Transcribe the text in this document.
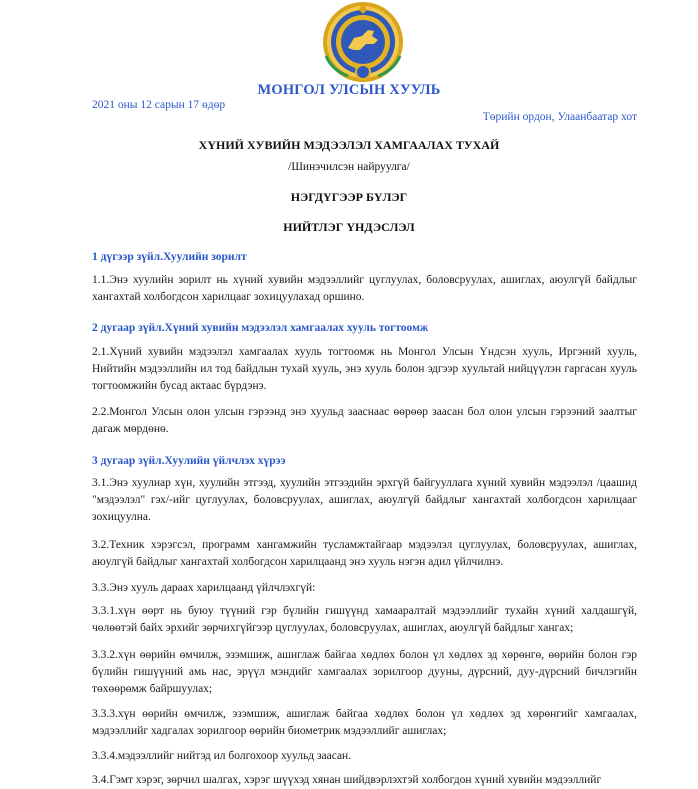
МОНГОЛ УЛСЫН ХУУЛЬ
2021 оны 12 сарын 17 өдөр
Төрийн ордон, Улаанбаатар хот
ХҮНИЙ ХУВИЙН МЭДЭЭЛЭЛ ХАМГААЛАХ ТУХАЙ
/Шинэчилсэн найруулга/
НЭГДҮГЭЭР БҮЛЭГ
НИЙТЛЭГ ҮНДЭСЛЭЛ
1 дүгээр зүйл.Хуулийн зорилт
1.1.Энэ хуулийн зорилт нь хүний хувийн мэдээллийг цуглуулах, боловсруулах, ашиглах, аюулгүй байдлыг хангахтай холбогдсон харилцааг зохицуулахад оршино.
2 дугаар зүйл.Хүний хувийн мэдээлэл хамгаалах хууль тогтоомж
2.1.Хүний хувийн мэдээлэл хамгаалах хууль тогтоомж нь Монгол Улсын Үндсэн хууль, Иргэний хууль, Нийтийн мэдээллийн ил тод байдлын тухай хууль, энэ хууль болон эдгээр хуультай нийцүүлэн гаргасан хууль тогтоомжийн бусад актаас бүрдэнэ.
2.2.Монгол Улсын олон улсын гэрээнд энэ хуульд зааснаас өөрөөр заасан бол олон улсын гэрээний заалтыг дагаж мөрдөнө.
3 дугаар зүйл.Хуулийн үйлчлэх хүрээ
3.1.Энэ хуулиар хүн, хуулийн этгээд, хуулийн этгээдийн эрхгүй байгууллага хүний хувийн мэдээлэл /цаашид "мэдээлэл" гэх/-ийг цуглуулах, боловсруулах, ашиглах, аюулгүй байдлыг хангахтай холбогдсон харилцааг зохицуулна.
3.2.Техник хэрэгсэл, программ хангамжийн тусламжтайгаар мэдээлэл цуглуулах, боловсруулах, ашиглах, аюулгүй байдлыг хангахтай холбогдсон харилцаанд энэ хууль нэгэн адил үйлчилнэ.
3.3.Энэ хууль дараах харилцаанд үйлчлэхгүй:
3.3.1.хүн өөрт нь буюу түүний гэр бүлийн гишүүнд хамааралтай мэдээллийг тухайн хүний халдашгүй, чөлөөтэй байх эрхийг зөрчихгүйгээр цуглуулах, боловсруулах, ашиглах, аюулгүй байдлыг хангах;
3.3.2.хүн өөрийн өмчилж, эзэмшиж, ашиглаж байгаа хөдлөх болон үл хөдлөх эд хөрөнгө, өөрийн болон гэр бүлийн гишүүний амь нас, эрүүл мэндийг хамгаалах зорилгоор дууны, дүрсний, дуу-дүрсний бичлэгийн төхөөрөмж байршуулах;
3.3.3.хүн өөрийн өмчилж, эзэмшиж, ашиглаж байгаа хөдлөх болон үл хөдлөх эд хөрөнгийг хамгаалах, мэдээллийг хадгалах зорилгоор өөрийн биометрик мэдээллийг ашиглах;
3.3.4.мэдээллийг нийтэд ил болгохоор хуульд заасан.
3.4.Гэмт хэрэг, зөрчил шалгах, хэрэг шүүхэд хянан шийдвэрлэхтэй холбогдон хүний хувийн мэдээллийг
